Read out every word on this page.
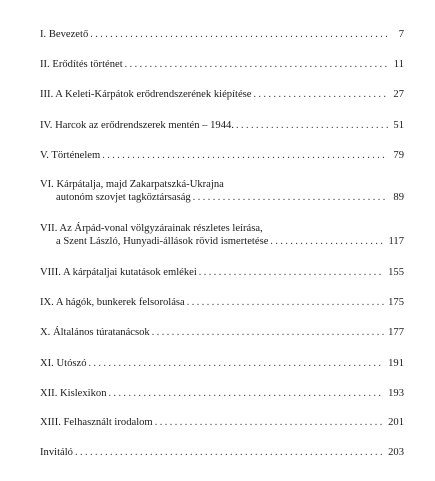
I. Bevezető . . .	7
II. Erődítés történet . . .	11
III. A Keleti-Kárpátok erődrendszerének kiépítése . . .	27
IV. Harcok az erődrendszerek mentén – 1944. . . .	51
V. Történelem . . .	79
VI. Kárpátalja, majd Zakarpatszká-Ukrajna
autonóm szovjet tagköztársaság . . .	89
VII. Az Árpád-vonal völgyzárainak részletes leírása,
a Szent László, Hunyadi-állások rövid ismertetése . . .	117
VIII. A kárpátaljai kutatások emlékei . . .	155
IX. A hágók, bunkerek felsorolása . . .	175
X. Általános túratanácsok . . .	177
XI. Utószó . . .	191
XII. Kislexikon . . .	193
XIII. Felhasznált irodalom . . .	201
Invitáló . . .	203
